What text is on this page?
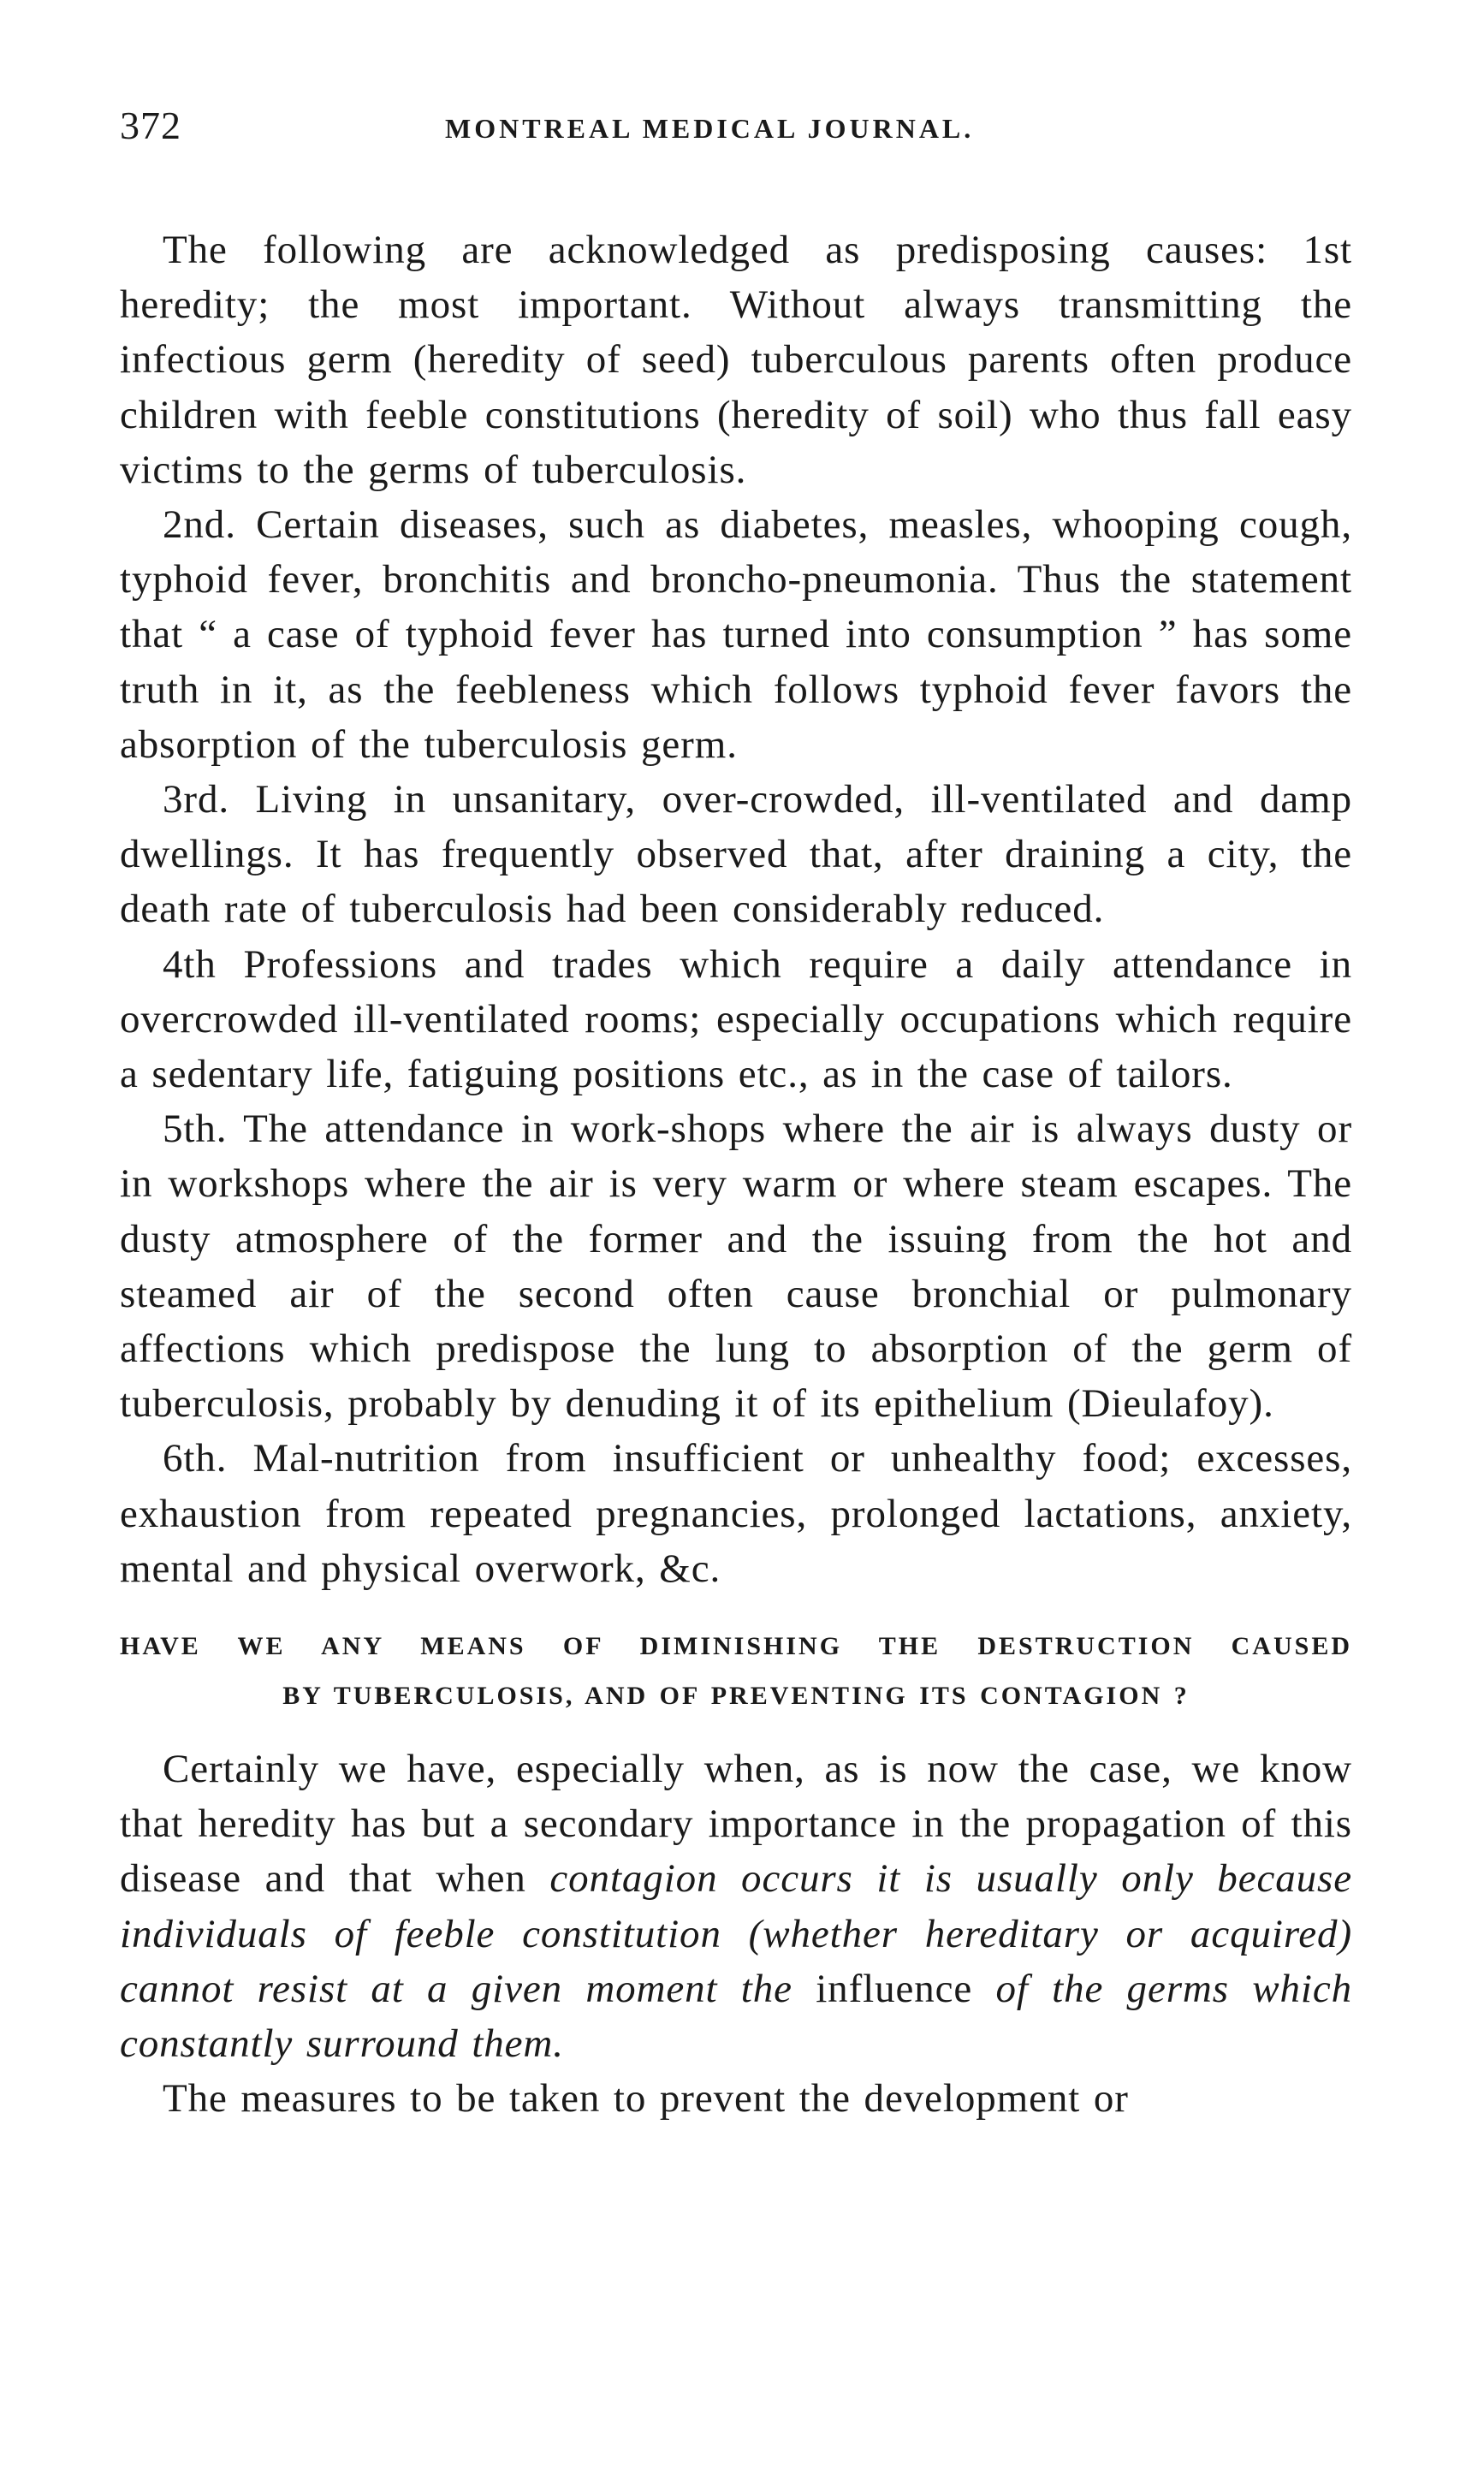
372	MONTREAL MEDICAL JOURNAL.

The following are acknowledged as predisposing causes: 1st heredity; the most important. Without always transmitting the infectious germ (heredity of seed) tuberculous parents often produce children with feeble constitutions (heredity of soil) who thus fall easy victims to the germs of tuberculosis.

2nd. Certain diseases, such as diabetes, measles, whooping cough, typhoid fever, bronchitis and broncho-pneumonia. Thus the statement that “ a case of typhoid fever has turned into consumption ” has some truth in it, as the feebleness which follows typhoid fever favors the absorption of the tuberculosis germ.

3rd. Living in unsanitary, over-crowded, ill-ventilated and damp dwellings. It has frequently observed that, after draining a city, the death rate of tuberculosis had been considerably reduced.

4th Professions and trades which require a daily attendance in overcrowded ill-ventilated rooms; especially occupations which require a sedentary life, fatiguing positions etc., as in the case of tailors.

5th. The attendance in work-shops where the air is always dusty or in workshops where the air is very warm or where steam escapes. The dusty atmosphere of the former and the issuing from the hot and steamed air of the second often cause bronchial or pulmonary affections which predispose the lung to absorption of the germ of tuberculosis, probably by denuding it of its epithelium (Dieulafoy).

6th. Mal-nutrition from insufficient or unhealthy food; excesses, exhaustion from repeated pregnancies, prolonged lactations, anxiety, mental and physical overwork, &c.

HAVE WE ANY MEANS OF DIMINISHING THE DESTRUCTION CAUSED
BY TUBERCULOSIS, AND OF PREVENTING ITS CONTAGION ?

Certainly we have, especially when, as is now the case, we know that heredity has but a secondary importance in the propagation of this disease and that when contagion occurs it is usually only because individuals of feeble constitution (whether hereditary or acquired) cannot resist at a given moment the influence of the germs which constantly surround them.

The measures to be taken to prevent the development or
